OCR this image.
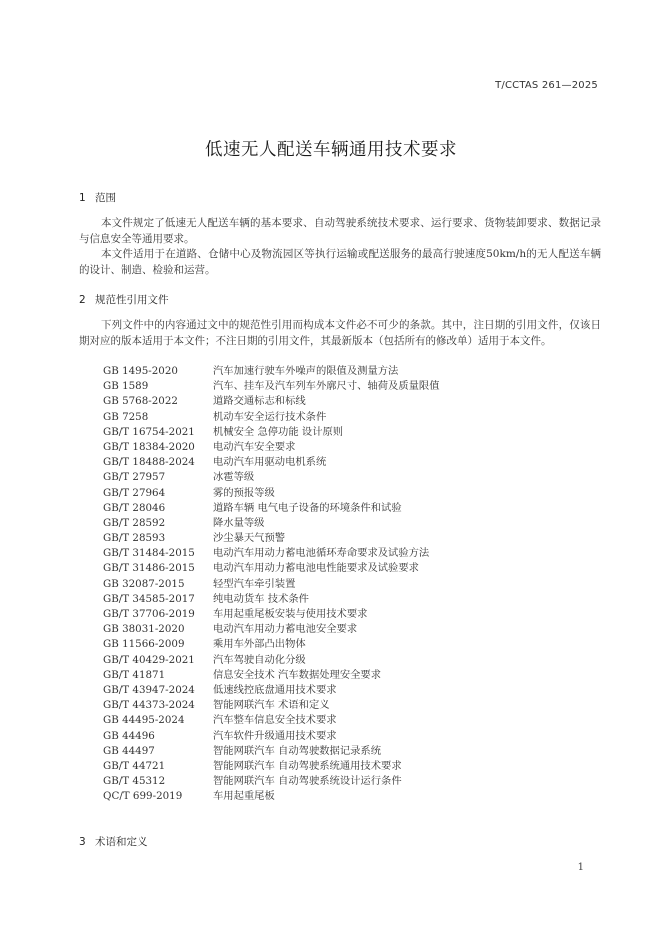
T/CCTAS 261—2025
低速无人配送车辆通用技术要求
1 范围
本文件规定了低速无人配送车辆的基本要求、自动驾驶系统技术要求、运行要求、货物装卸要求、数据记录与信息安全等通用要求。
本文件适用于在道路、仓储中心及物流园区等执行运输或配送服务的最高行驶速度50km/h的无人配送车辆的设计、制造、检验和运营。
2 规范性引用文件
下列文件中的内容通过文中的规范性引用而构成本文件必不可少的条款。其中，注日期的引用文件，仅该日期对应的版本适用于本文件；不注日期的引用文件，其最新版本（包括所有的修改单）适用于本文件。
GB 1495-2020	汽车加速行驶车外噪声的限值及测量方法
GB 1589	汽车、挂车及汽车列车外廓尺寸、轴荷及质量限值
GB 5768-2022	道路交通标志和标线
GB 7258	机动车安全运行技术条件
GB/T 16754-2021 机械安全 急停功能 设计原则
GB/T 18384-2020 电动汽车安全要求
GB/T 18488-2024 电动汽车用驱动电机系统
GB/T 27957	冰雹等级
GB/T 27964	雾的预报等级
GB/T 28046	道路车辆 电气电子设备的环境条件和试验
GB/T 28592	降水量等级
GB/T 28593	沙尘暴天气预警
GB/T 31484-2015 电动汽车用动力蓄电池循环寿命要求及试验方法
GB/T 31486-2015 电动汽车用动力蓄电池电性能要求及试验要求
GB 32087-2015	轻型汽车牵引装置
GB/T 34585-2017 纯电动货车 技术条件
GB/T 37706-2019 车用起重尾板安装与使用技术要求
GB 38031-2020	电动汽车用动力蓄电池安全要求
GB 11566-2009	乘用车外部凸出物体
GB/T 40429-2021 汽车驾驶自动化分级
GB/T 41871	信息安全技术 汽车数据处理安全要求
GB/T 43947-2024 低速线控底盘通用技术要求
GB/T 44373-2024 智能网联汽车 术语和定义
GB 44495-2024	汽车整车信息安全技术要求
GB 44496	汽车软件升级通用技术要求
GB 44497	智能网联汽车 自动驾驶数据记录系统
GB/T 44721	智能网联汽车 自动驾驶系统通用技术要求
GB/T 45312	智能网联汽车 自动驾驶系统设计运行条件
QC/T 699-2019	车用起重尾板
3 术语和定义
1
